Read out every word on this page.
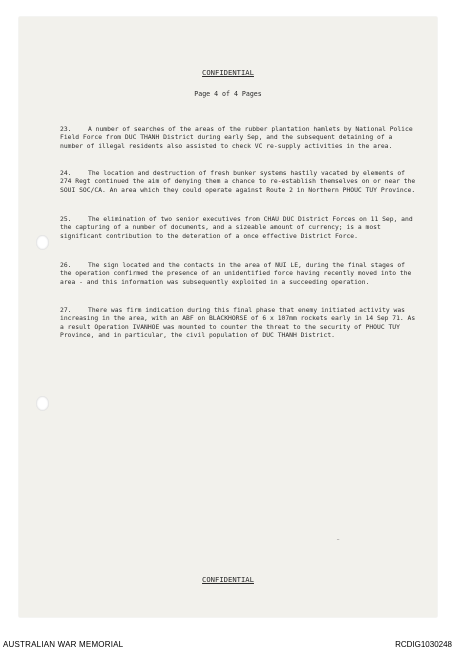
CONFIDENTIAL
Page 4 of 4 Pages

23.	A number of searches of the areas of the rubber plantation hamlets by National Police Field Force from DUC THANH District during early Sep, and the subsequent detaining of a number of illegal residents also assisted to check VC re-supply activities in the area.

24.	The location and destruction of fresh bunker systems hastily vacated by elements of 274 Regt continued the aim of denying them a chance to re-establish themselves on or near the SOUI SOC/CA. An area which they could operate against Route 2 in Northern PHOUC TUY Province.

25.	The elimination of two senior executives from CHAU DUC District Forces on 11 Sep, and the capturing of a number of documents, and a sizeable amount of currency; is a most significant contribution to the deteration of a once effective District Force.

26.	The sign located and the contacts in the area of NUI LE, during the final stages of the operation confirmed the presence of an unidentified force having recently moved into the area - and this information was subsequently exploited in a succeeding operation.

27.	There was firm indication during this final phase that enemy initiated activity was increasing in the area, with an ABF on BLACKHORSE of 6 x 107mm rockets early in 14 Sep 71. As a result Operation IVANHOE was mounted to counter the threat to the security of PHOUC TUY Province, and in particular, the civil population of DUC THANH District.

⁻
CONFIDENTIAL
AUSTRALIAN WAR MEMORIAL	RCDIG1030248
